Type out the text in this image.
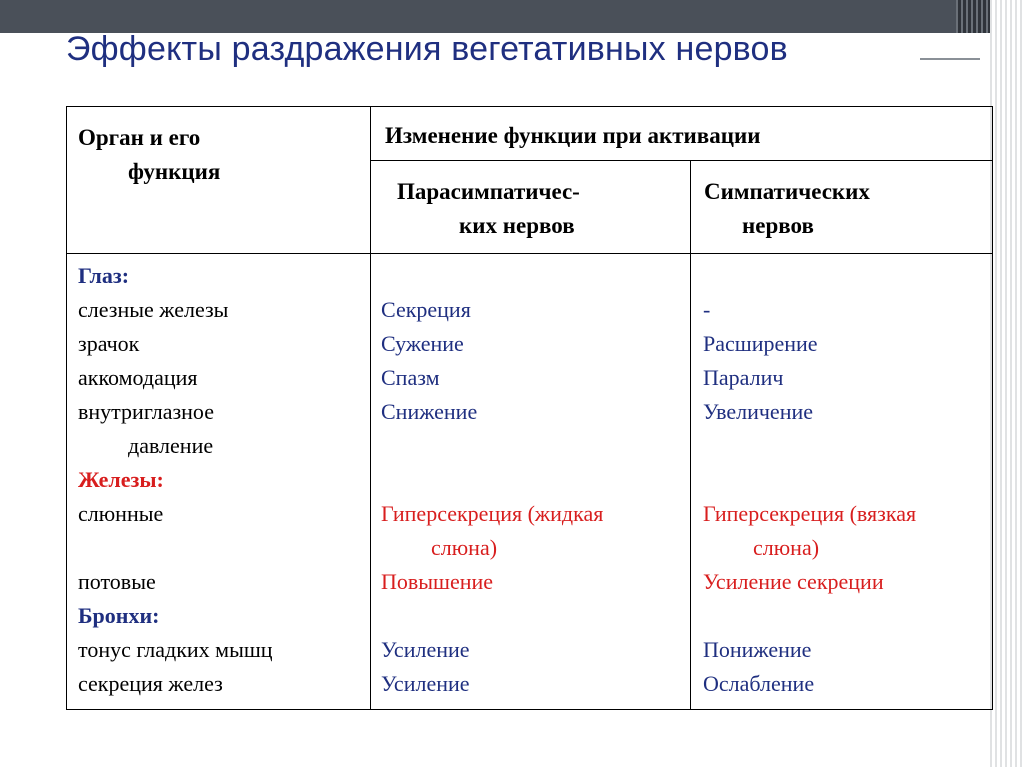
Эффекты раздражения вегетативных нервов
Орган и его
функция
Изменение функции при активации
Парасимпатичес-
ких нервов
Симпатических
нервов
Глаз:
слезные железы
зрачок
аккомодация
внутриглазное
давление
Железы:
слюнные
потовые
Бронхи:
тонус гладких мышц
секреция желез
Секреция
Сужение
Спазм
Снижение
Гиперсекреция (жидкая
слюна)
Повышение
Усиление
Усиление
-
Расширение
Паралич
Увеличение
Гиперсекреция (вязкая
слюна)
Усиление секреции
Понижение
Ослабление
